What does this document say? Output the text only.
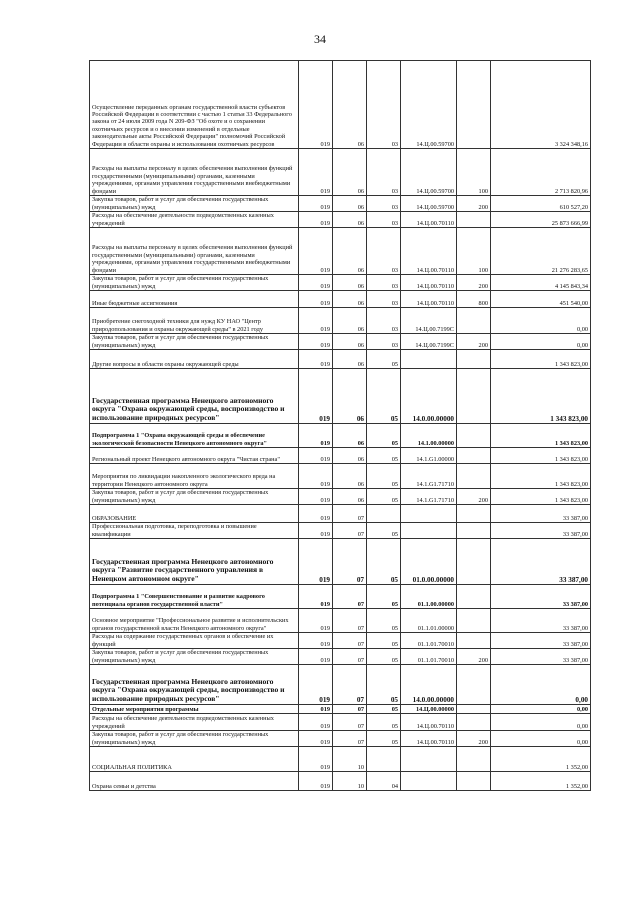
34
Осуществление переданных органам государственной власти субъектов Российской Федерации в соответствии с частью 1 статьи 33 Федерального закона от 24 июля 2009 года N 209-ФЗ "Об охоте и о сохранении охотничьих ресурсов и о внесении изменений в отдельные законодательные акты Российской Федерации" полномочий Российской Федерации в области охраны и использования охотничьих ресурсов	019	06	03	14.Ц.00.59700		3 324 348,16
Расходы на выплаты персоналу в целях обеспечения выполнения функций государственными (муниципальными) органами, казенными учреждениями, органами управления государственными внебюджетными фондами	019	06	03	14.Ц.00.59700	100	2 713 820,96
Закупка товаров, работ и услуг для обеспечения государственных (муниципальных) нужд	019	06	03	14.Ц.00.59700	200	610 527,20
Расходы на обеспечение деятельности подведомственных казенных учреждений	019	06	03	14.Ц.00.70110		25 873 666,99
Расходы на выплаты персоналу в целях обеспечения выполнения функций государственными (муниципальными) органами, казенными учреждениями, органами управления государственными внебюджетными фондами	019	06	03	14.Ц.00.70110	100	21 276 283,65
Закупка товаров, работ и услуг для обеспечения государственных (муниципальных) нужд	019	06	03	14.Ц.00.70110	200	4 145 843,34
Иные бюджетные ассигнования	019	06	03	14.Ц.00.70110	800	451 540,00
Приобретение снегоходной техники для нужд КУ НАО "Центр природопользования и охраны окружающей среды" в 2021 году	019	06	03	14.Ц.00.7199С		0,00
Закупка товаров, работ и услуг для обеспечения государственных (муниципальных) нужд	019	06	03	14.Ц.00.7199С	200	0,00
Другие вопросы в области охраны окружающей среды	019	06	05			1 343 823,00
Государственная программа Ненецкого автономного округа "Охрана окружающей среды, воспроизводство и использование природных ресурсов"	019	06	05	14.0.00.00000		1 343 823,00
Подпрограмма 1 "Охрана окружающей среды и обеспечение экологической безопасности Ненецкого автономного округа"	019	06	05	14.1.00.00000		1 343 823,00
Региональный проект Ненецкого автономного округа "Чистая страна"	019	06	05	14.1.G1.00000		1 343 823,00
Мероприятия по ликвидации накопленного экологического вреда на территории Ненецкого автономного округа	019	06	05	14.1.G1.71710		1 343 823,00
Закупка товаров, работ и услуг для обеспечения государственных (муниципальных) нужд	019	06	05	14.1.G1.71710	200	1 343 823,00
ОБРАЗОВАНИЕ	019	07				33 387,00
Профессиональная подготовка, переподготовка и повышение квалификации	019	07	05			33 387,00
Государственная программа Ненецкого автономного округа "Развитие государственного управления в Ненецком автономном округе"	019	07	05	01.0.00.00000		33 387,00
Подпрограмма 1 "Совершенствование и развитие кадрового потенциала органов государственной власти"	019	07	05	01.1.00.00000		33 387,00
Основное мероприятие "Профессиональное развитие и исполнительских органов государственной власти Ненецкого автономного округа"	019	07	05	01.1.01.00000		33 387,00
Расходы на содержание государственных органов и обеспечение их функций	019	07	05	01.1.01.70010		33 387,00
Закупка товаров, работ и услуг для обеспечения государственных (муниципальных) нужд	019	07	05	01.1.01.70010	200	33 387,00
Государственная программа Ненецкого автономного округа "Охрана окружающей среды, воспроизводство и использование природных ресурсов"	019	07	05	14.0.00.00000		0,00
Отдельные мероприятия программы	019	07	05	14.Ц.00.00000		0,00
Расходы на обеспечение деятельности подведомственных казенных учреждений	019	07	05	14.Ц.00.70110		0,00
Закупка товаров, работ и услуг для обеспечения государственных (муниципальных) нужд	019	07	05	14.Ц.00.70110	200	0,00
СОЦИАЛЬНАЯ ПОЛИТИКА	019	10				1 352,00
Охрана семьи и детства	019	10	04			1 352,00
